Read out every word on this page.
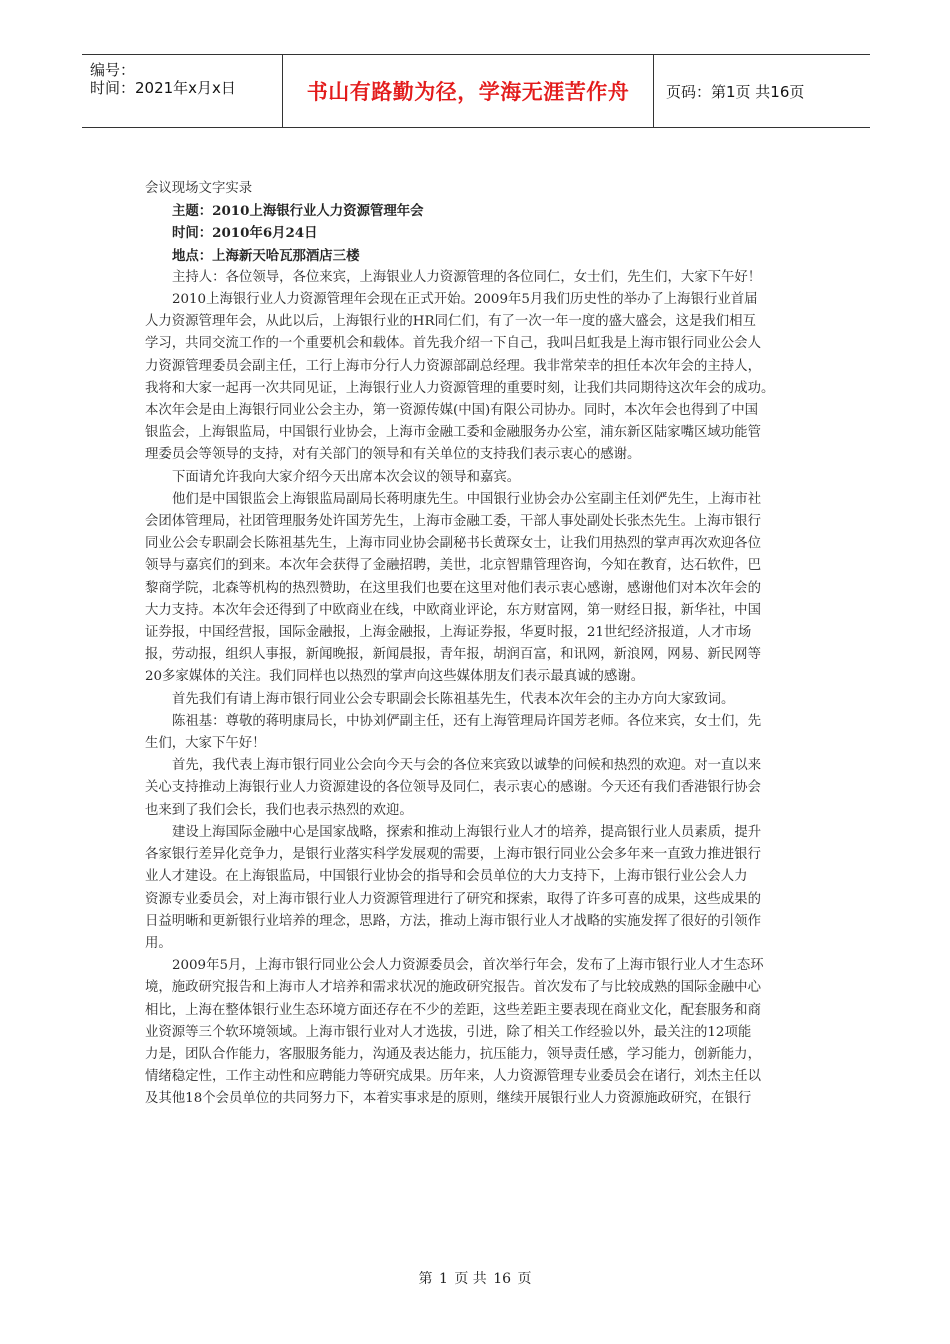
编号：
时间：2021年x月x日	书山有路勤为径，学海无涯苦作舟	页码：第1页 共16页

会议现场文字实录

主题：2010上海银行业人力资源管理年会

时间：2010年6月24日

地点：上海新天哈瓦那酒店三楼

主持人：各位领导，各位来宾，上海银业人力资源管理的各位同仁，女士们，先生们，大家下午好！

2010上海银行业人力资源管理年会现在正式开始。2009年5月我们历史性的举办了上海银行业首届

人力资源管理年会，从此以后，上海银行业的HR同仁们，有了一次一年一度的盛大盛会，这是我们相互

学习，共同交流工作的一个重要机会和载体。首先我介绍一下自己，我叫吕虹我是上海市银行同业公会人

力资源管理委员会副主任，工行上海市分行人力资源部副总经理。我非常荣幸的担任本次年会的主持人，

我将和大家一起再一次共同见证，上海银行业人力资源管理的重要时刻，让我们共同期待这次年会的成功。

本次年会是由上海银行同业公会主办，第一资源传媒(中国)有限公司协办。同时，本次年会也得到了中国

银监会，上海银监局，中国银行业协会，上海市金融工委和金融服务办公室，浦东新区陆家嘴区域功能管

理委员会等领导的支持，对有关部门的领导和有关单位的支持我们表示衷心的感谢。

下面请允许我向大家介绍今天出席本次会议的领导和嘉宾。

他们是中国银监会上海银监局副局长蒋明康先生。中国银行业协会办公室副主任刘俨先生，上海市社

会团体管理局，社团管理服务处许国芳先生，上海市金融工委，干部人事处副处长张杰先生。上海市银行

同业公会专职副会长陈祖基先生，上海市同业协会副秘书长黄琛女士，让我们用热烈的掌声再次欢迎各位

领导与嘉宾们的到来。本次年会获得了金融招聘，美世，北京智鼎管理咨询，今知在教育，达石软件，巴

黎商学院，北森等机构的热烈赞助，在这里我们也要在这里对他们表示衷心感谢，感谢他们对本次年会的

大力支持。本次年会还得到了中欧商业在线，中欧商业评论，东方财富网，第一财经日报，新华社，中国

证券报，中国经营报，国际金融报，上海金融报，上海证券报，华夏时报，21世纪经济报道，人才市场

报，劳动报，组织人事报，新闻晚报，新闻晨报，青年报，胡润百富，和讯网，新浪网，网易、新民网等

20多家媒体的关注。我们同样也以热烈的掌声向这些媒体朋友们表示最真诚的感谢。

首先我们有请上海市银行同业公会专职副会长陈祖基先生，代表本次年会的主办方向大家致词。

陈祖基：尊敬的蒋明康局长，中协刘俨副主任，还有上海管理局许国芳老师。各位来宾，女士们，先

生们，大家下午好！

首先，我代表上海市银行同业公会向今天与会的各位来宾致以诚挚的问候和热烈的欢迎。对一直以来

关心支持推动上海银行业人力资源建设的各位领导及同仁，表示衷心的感谢。今天还有我们香港银行协会

也来到了我们会长，我们也表示热烈的欢迎。

建设上海国际金融中心是国家战略，探索和推动上海银行业人才的培养，提高银行业人员素质，提升

各家银行差异化竞争力，是银行业落实科学发展观的需要，上海市银行同业公会多年来一直致力推进银行

业人才建设。在上海银监局，中国银行业协会的指导和会员单位的大力支持下，上海市银行业公会人力

资源专业委员会，对上海市银行业人力资源管理进行了研究和探索，取得了许多可喜的成果，这些成果的

日益明晰和更新银行业培养的理念，思路，方法，推动上海市银行业人才战略的实施发挥了很好的引领作

用。

2009年5月，上海市银行同业公会人力资源委员会，首次举行年会，发布了上海市银行业人才生态环

境，施政研究报告和上海市人才培养和需求状况的施政研究报告。首次发布了与比较成熟的国际金融中心

相比，上海在整体银行业生态环境方面还存在不少的差距，这些差距主要表现在商业文化，配套服务和商

业资源等三个软环境领域。上海市银行业对人才选拔，引进，除了相关工作经验以外，最关注的12项能

力是，团队合作能力，客服服务能力，沟通及表达能力，抗压能力，领导责任感，学习能力，创新能力，

情绪稳定性，工作主动性和应聘能力等研究成果。历年来，人力资源管理专业委员会在诸行，刘杰主任以

及其他18个会员单位的共同努力下，本着实事求是的原则，继续开展银行业人力资源施政研究，在银行

第 1 页 共 16 页
